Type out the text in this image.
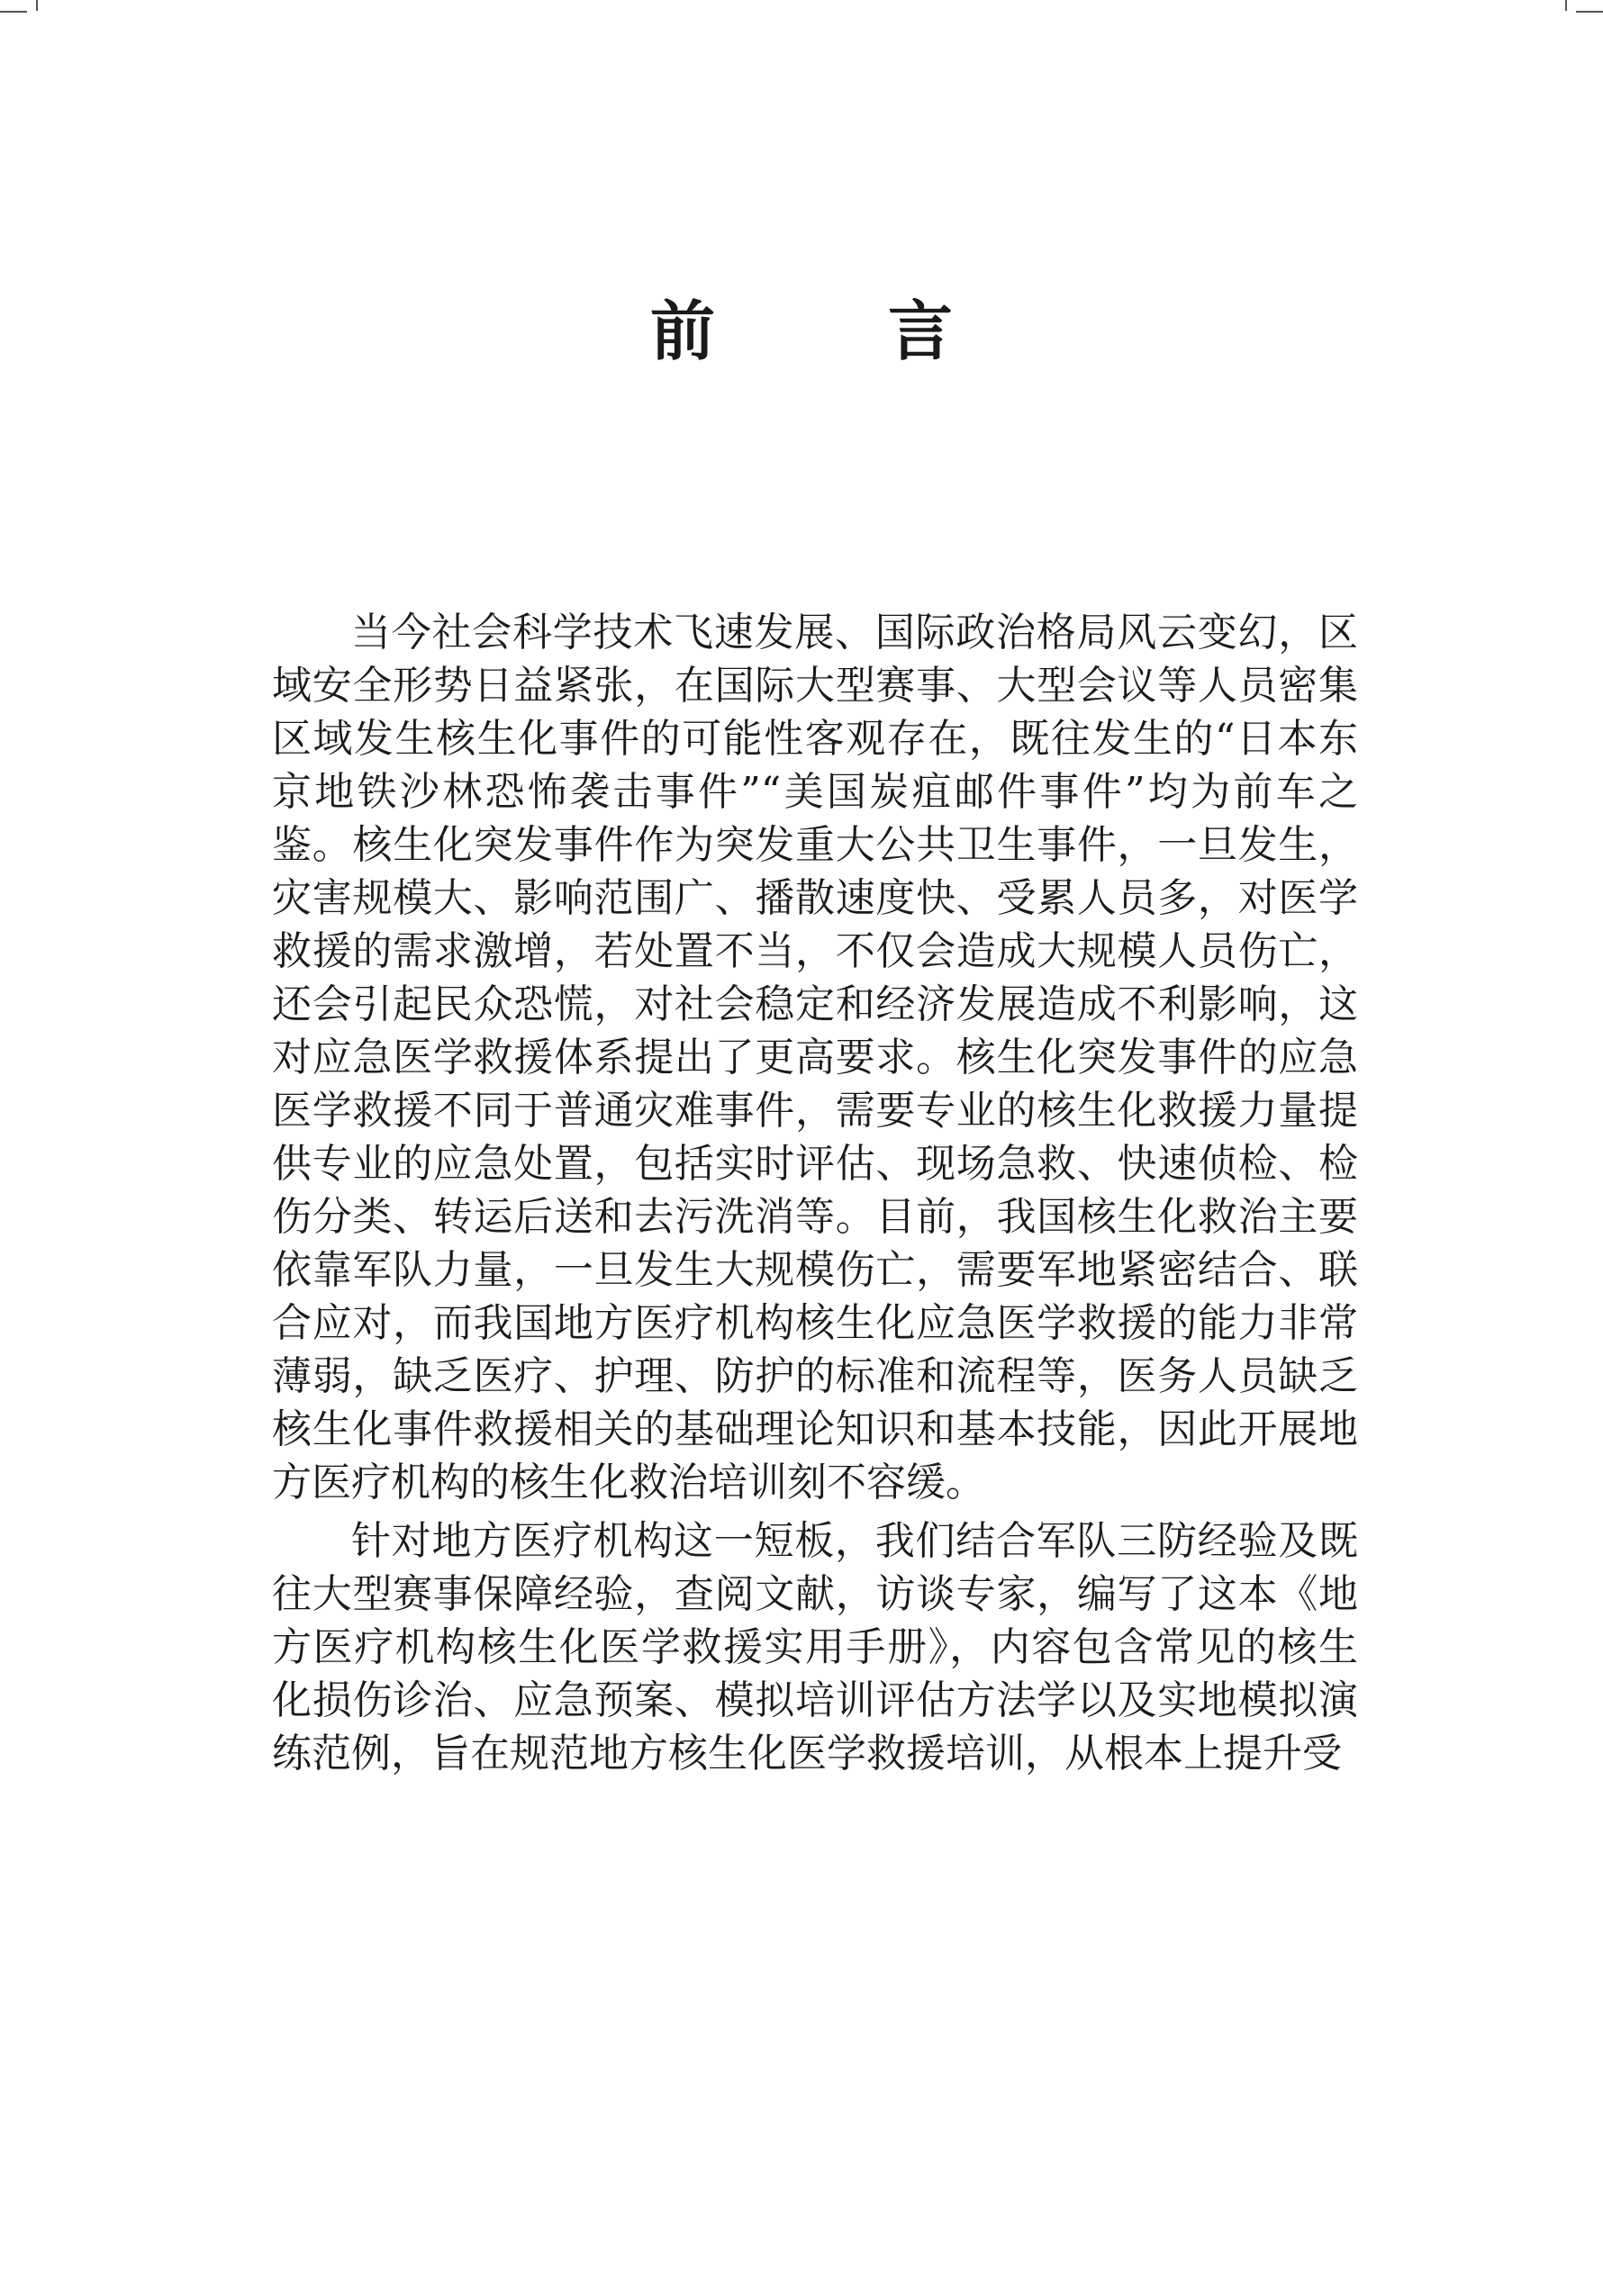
前　言

当今社会科学技术飞速发展、国际政治格局风云变幻，区域安全形势日益紧张，在国际大型赛事、大型会议等人员密集区域发生核生化事件的可能性客观存在，既往发生的“日本东京地铁沙林恐怖袭击事件”“美国炭疽邮件事件”均为前车之鉴。核生化突发事件作为突发重大公共卫生事件，一旦发生，灾害规模大、影响范围广、播散速度快、受累人员多，对医学救援的需求激增，若处置不当，不仅会造成大规模人员伤亡，还会引起民众恐慌，对社会稳定和经济发展造成不利影响，这对应急医学救援体系提出了更高要求。核生化突发事件的应急医学救援不同于普通灾难事件，需要专业的核生化救援力量提供专业的应急处置，包括实时评估、现场急救、快速侦检、检伤分类、转运后送和去污洗消等。目前，我国核生化救治主要依靠军队力量，一旦发生大规模伤亡，需要军地紧密结合、联合应对，而我国地方医疗机构核生化应急医学救援的能力非常薄弱，缺乏医疗、护理、防护的标准和流程等，医务人员缺乏核生化事件救援相关的基础理论知识和基本技能，因此开展地方医疗机构的核生化救治培训刻不容缓。

针对地方医疗机构这一短板，我们结合军队三防经验及既往大型赛事保障经验，查阅文献，访谈专家，编写了这本《地方医疗机构核生化医学救援实用手册》，内容包含常见的核生化损伤诊治、应急预案、模拟培训评估方法学以及实地模拟演练范例，旨在规范地方核生化医学救援培训，从根本上提升受
